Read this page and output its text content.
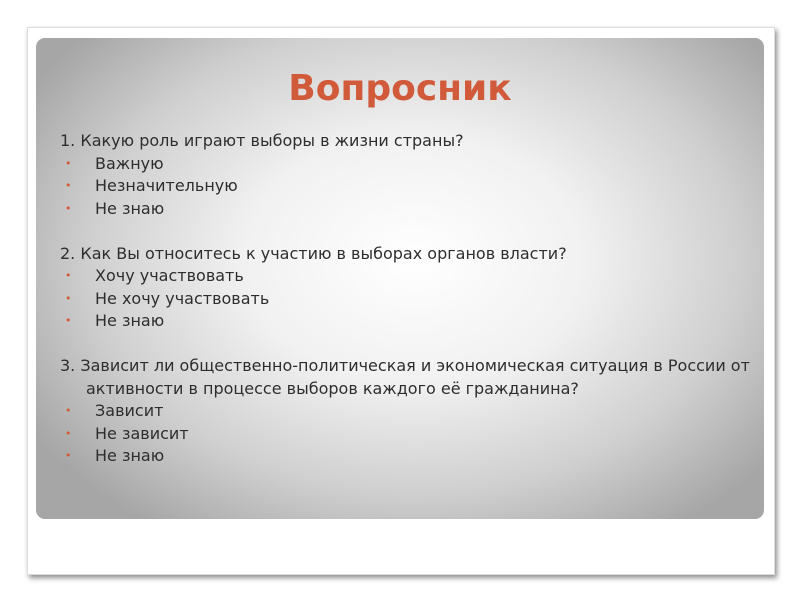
Вопросник

1. Какую роль играют выборы в жизни страны?

• Важную

• Незначительную

• Не знаю

2. Как Вы относитесь к участию в выборах органов власти?

• Хочу участвовать

• Не хочу участвовать

• Не знаю

3. Зависит ли общественно-политическая и экономическая ситуация в России от активности в процессе выборов каждого её гражданина?

• Зависит

• Не зависит

• Не знаю
